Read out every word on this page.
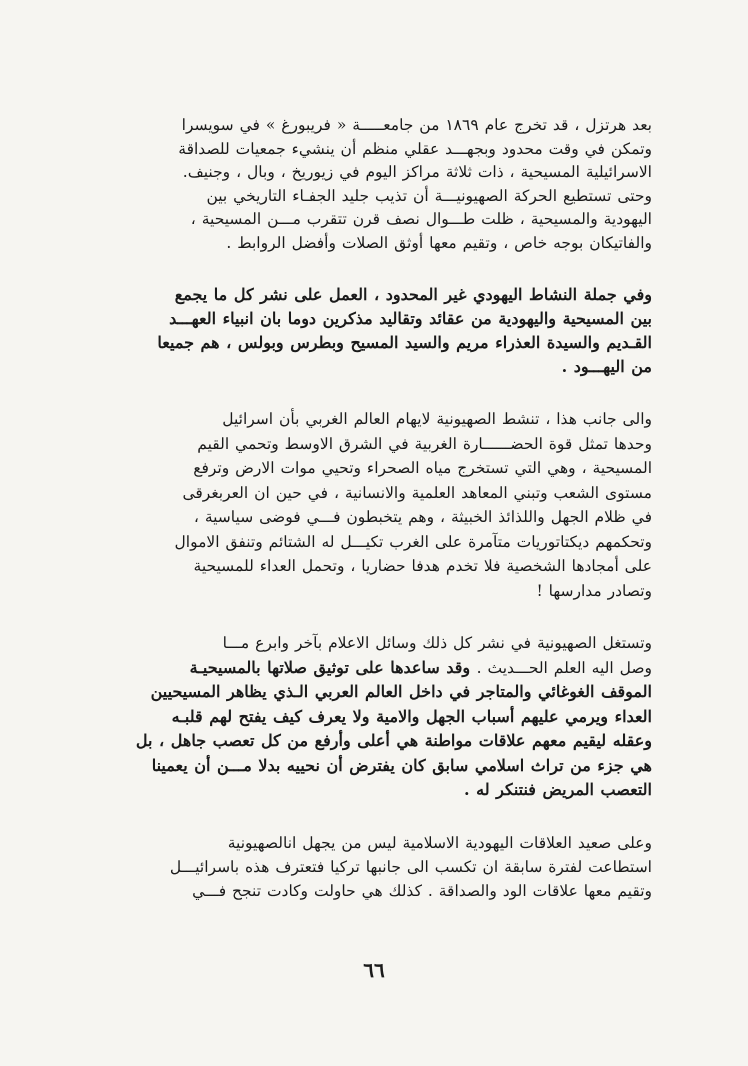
بعد هرتزل ، قد تخرج عام ١٨٦٩ من جامعـــــة « فريبورغ » في سويسرا
وتمكن في وقت محدود وبجهـــد عقلي منظم أن ينشيء جمعيات للصداقة
الاسرائيلية المسيحية ، ذات ثلاثة مراكز اليوم في زيوريخ ، وبال ، وجنيف.
وحتى تستطيع الحركة الصهيونيـــة أن تذيب جليد الجفـاء التاريخي بين
اليهودية والمسيحية ، ظلت طـــوال نصف قرن تتقرب مـــن المسيحية ،
والفاتيكان بوجه خاص ، وتقيم معها أوثق الصلات وأفضل الروابط .

وفي جملة النشاط اليهودي غير المحدود ، العمل على نشر كل ما يجمع
بين المسيحية واليهودية من عقائد وتقاليد مذكرين دوما بان انبياء العهـــد
القـديم والسيدة العذراء مريم والسيد المسيح وبطرس وبولس ، هم جميعا
من اليهـــود .

والى جانب هذا ، تنشط الصهيونية لايهام العالم الغربي بأن اسرائيل
وحدها تمثل قوة الحضــــــارة الغربية في الشرق الاوسط وتحمي القيم
المسيحية ، وهي التي تستخرج مياه الصحراء وتحيي موات الارض وترفع
مستوى الشعب وتبني المعاهد العلمية والانسانية ، في حين ان العربغرقى
في ظلام الجهل واللذائذ الخبيثة ، وهم يتخبطون فـــي فوضى سياسية ،
وتحكمهم ديكتاتوريات متآمرة على الغرب تكيـــل له الشتائم وتنفق الاموال
على أمجادها الشخصية فلا تخدم هدفا حضاريا ، وتحمل العداء للمسيحية
وتصادر مدارسها !

وتستغل الصهيونية في نشر كل ذلك وسائل الاعلام بآخر وابرع مـــا
وصل اليه العلم الحـــديث . وقد ساعدها على توثيق صلاتها بالمسيحيـة
الموقف الغوغائي والمتاجر في داخل العالم العربي الـذي يظاهر المسيحيين
العداء ويرمي عليهم أسباب الجهل والامية ولا يعرف كيف يفتح لهم قلبـه
وعقله ليقيم معهم علاقات مواطنة هي أعلى وأرفع من كل تعصب جاهل ، بل
هي جزء من تراث اسلامي سابق كان يفترض أن نحييه بدلا مـــن أن يعمينا
التعصب المريض فنتنكر له .

وعلى صعيد العلاقات اليهودية الاسلامية ليس من يجهل انالصهيونية
استطاعت لفترة سابقة ان تكسب الى جانبها تركيا فتعترف هذه باسرائيـــل
وتقيم معها علاقات الود والصداقة . كذلك هي حاولت وكادت تنجح فـــي

٦٦
